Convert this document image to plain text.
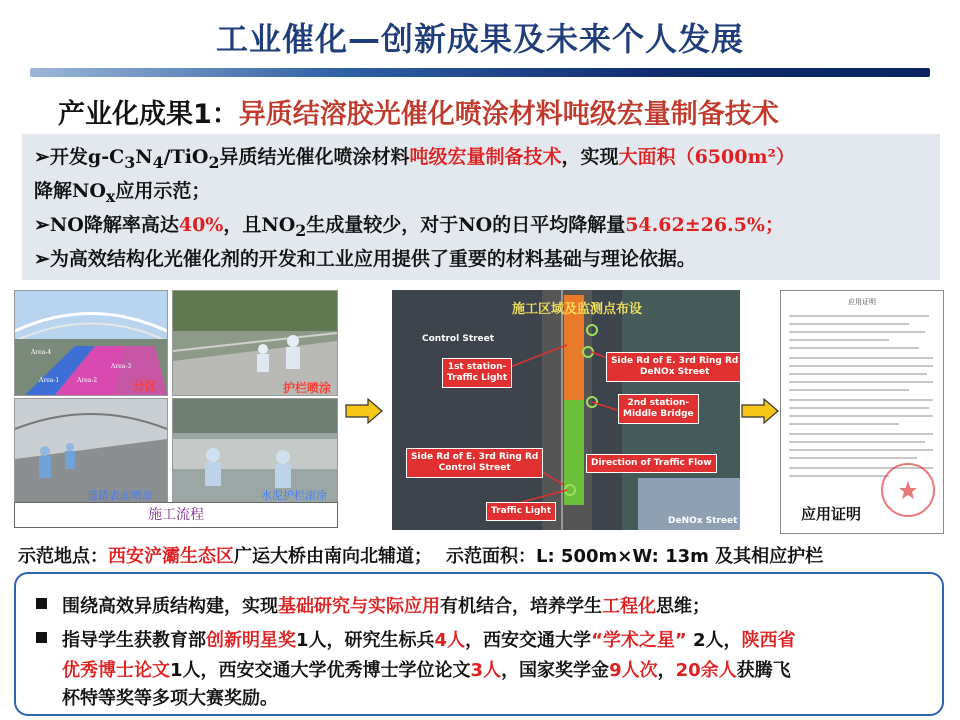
工业催化—创新成果及未来个人发展
产业化成果1：异质结溶胶光催化喷涂材料吨级宏量制备技术
➢开发$g-C_3N_4/TiO_2$异质结光催化喷涂材料吨级宏量制备技术，实现大面积（6500m²）
降解$NO_x$应用示范；
➢NO降解率高达40%，且$NO_2$生成量较少，对于NO的日平均降解量54.62±26.5%；
➢为高效结构化光催化剂的开发和工业应用提供了重要的材料基础与理论依据。
分区
Area-4
Area-1	Area-2
Area-3
护栏喷涂
道路表面喷涂	水泥护栏滚涂
施工流程
施工区域及监测点布设
Control Street
1st station-
Traffic Light
Side Rd of E. 3rd Ring Rd
DeNOx Street
2nd station-
Middle Bridge
Side Rd of E. 3rd Ring Rd
Control Street	Direction of Traffic Flow
Traffic Light
DeNOx Street
应用证明
应用证明
示范地点：西安浐灞生态区广运大桥由南向北辅道； 示范面积：L: 500m×W: 13m 及其相应护栏
围绕高效异质结构建，实现基础研究与实际应用有机结合，培养学生工程化思维；
指导学生获教育部创新明星奖1人，研究生标兵4人，西安交通大学“学术之星” 2人，陕西省
优秀博士论文1人，西安交通大学优秀博士学位论文3人，国家奖学金9人次，20余人获腾飞
杯特等奖等多项大赛奖励。
